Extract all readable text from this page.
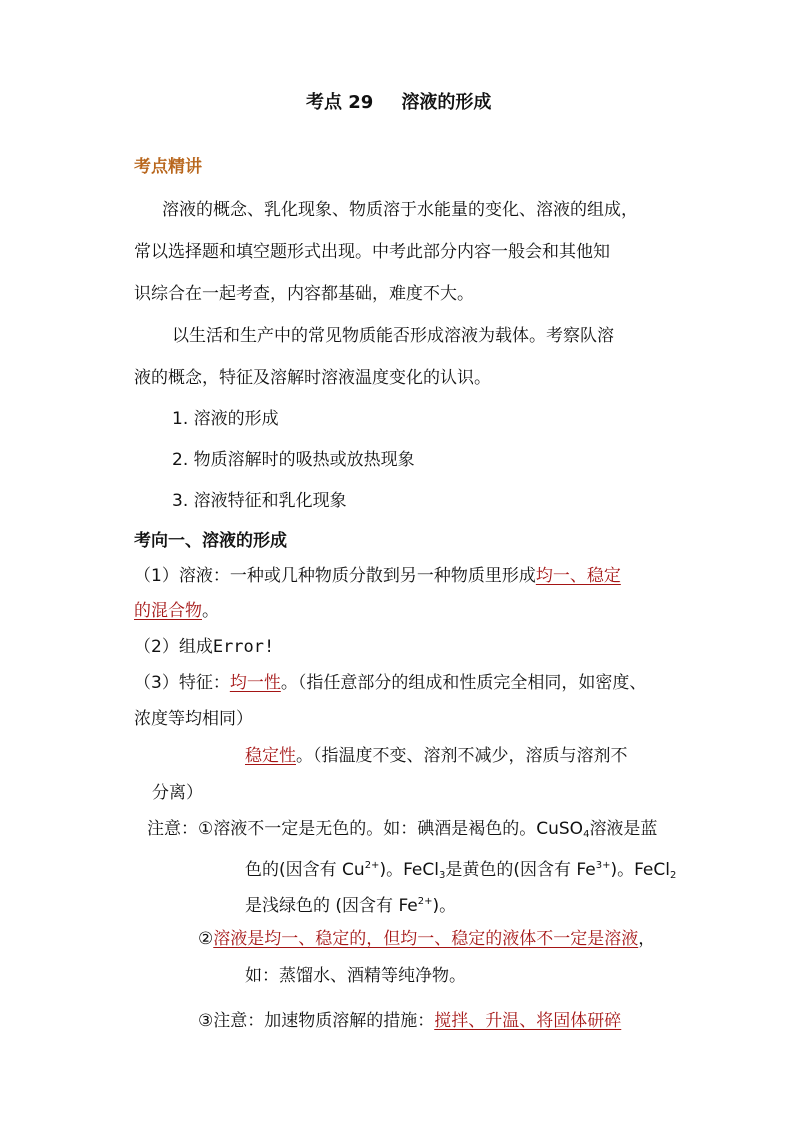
考点 29 溶液的形成
考点精讲
溶液的概念、乳化现象、物质溶于水能量的变化、溶液的组成，
常以选择题和填空题形式出现。中考此部分内容一般会和其他知
识综合在一起考查，内容都基础，难度不大。
以生活和生产中的常见物质能否形成溶液为载体。考察队溶
液的概念，特征及溶解时溶液温度变化的认识。
1. 溶液的形成
2. 物质溶解时的吸热或放热现象
3. 溶液特征和乳化现象
考向一、溶液的形成
（1）溶液：一种或几种物质分散到另一种物质里形成均一、稳定
的混合物。
（2）组成Error!
（3）特征：均一性。（指任意部分的组成和性质完全相同，如密度、
浓度等均相同）
稳定性。（指温度不变、溶剂不减少，溶质与溶剂不
分离）
注意：①溶液不一定是无色的。如：碘酒是褐色的。CuSO$_4$溶液是蓝
色的(因含有 $Cu^{2+}$)。FeCl$_3$是黄色的(因含有 $Fe^{3+}$)。FeCl$_2$
是浅绿色的 (因含有 $Fe^{2+}$)。
②溶液是均一、稳定的，但均一、稳定的液体不一定是溶液，
如：蒸馏水、酒精等纯净物。
③注意：加速物质溶解的措施：搅拌、升温、将固体研碎
